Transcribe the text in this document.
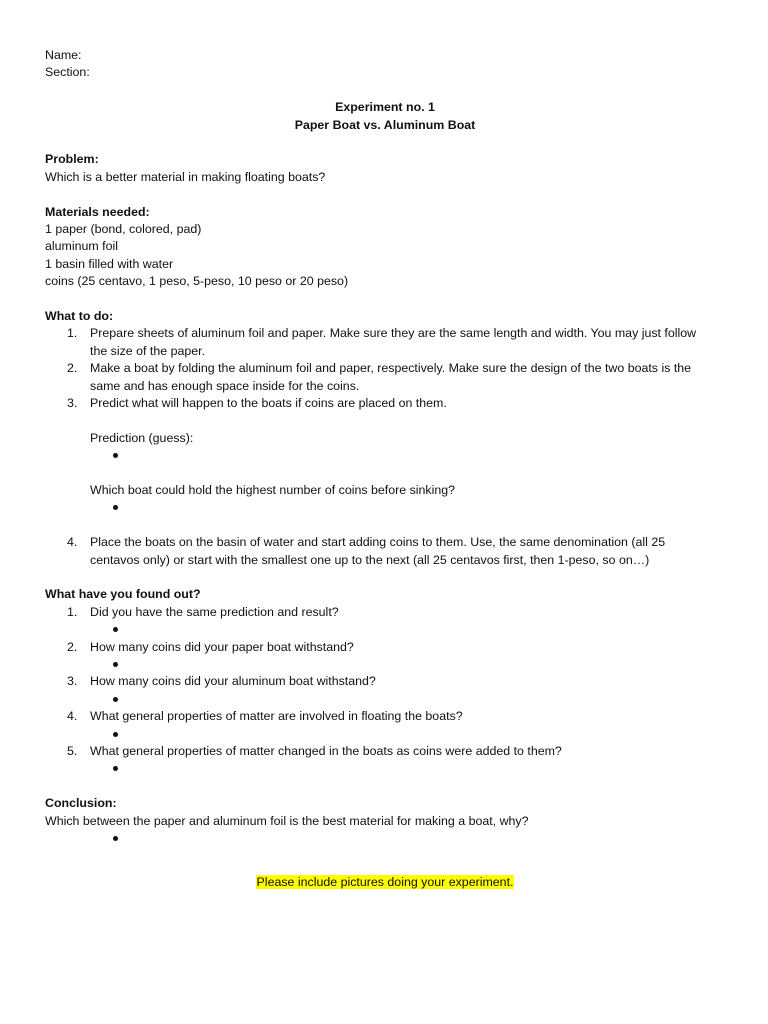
Name:
Section:
Experiment no. 1
Paper Boat vs. Aluminum Boat
Problem:
Which is a better material in making floating boats?
Materials needed:
1 paper (bond, colored, pad)
aluminum foil
1 basin filled with water
coins (25 centavo, 1 peso, 5-peso, 10 peso or 20 peso)
What to do:
1. Prepare sheets of aluminum foil and paper. Make sure they are the same length and width. You may just follow
the size of the paper.
2. Make a boat by folding the aluminum foil and paper, respectively. Make sure the design of the two boats is the
same and has enough space inside for the coins.
3. Predict what will happen to the boats if coins are placed on them.
Prediction (guess):
Which boat could hold the highest number of coins before sinking?
4. Place the boats on the basin of water and start adding coins to them. Use, the same denomination (all 25
centavos only) or start with the smallest one up to the next (all 25 centavos first, then 1-peso, so on…)
What have you found out?
1. Did you have the same prediction and result?
2. How many coins did your paper boat withstand?
3. How many coins did your aluminum boat withstand?
4. What general properties of matter are involved in floating the boats?
5. What general properties of matter changed in the boats as coins were added to them?
Conclusion:
Which between the paper and aluminum foil is the best material for making a boat, why?
Please include pictures doing your experiment.
